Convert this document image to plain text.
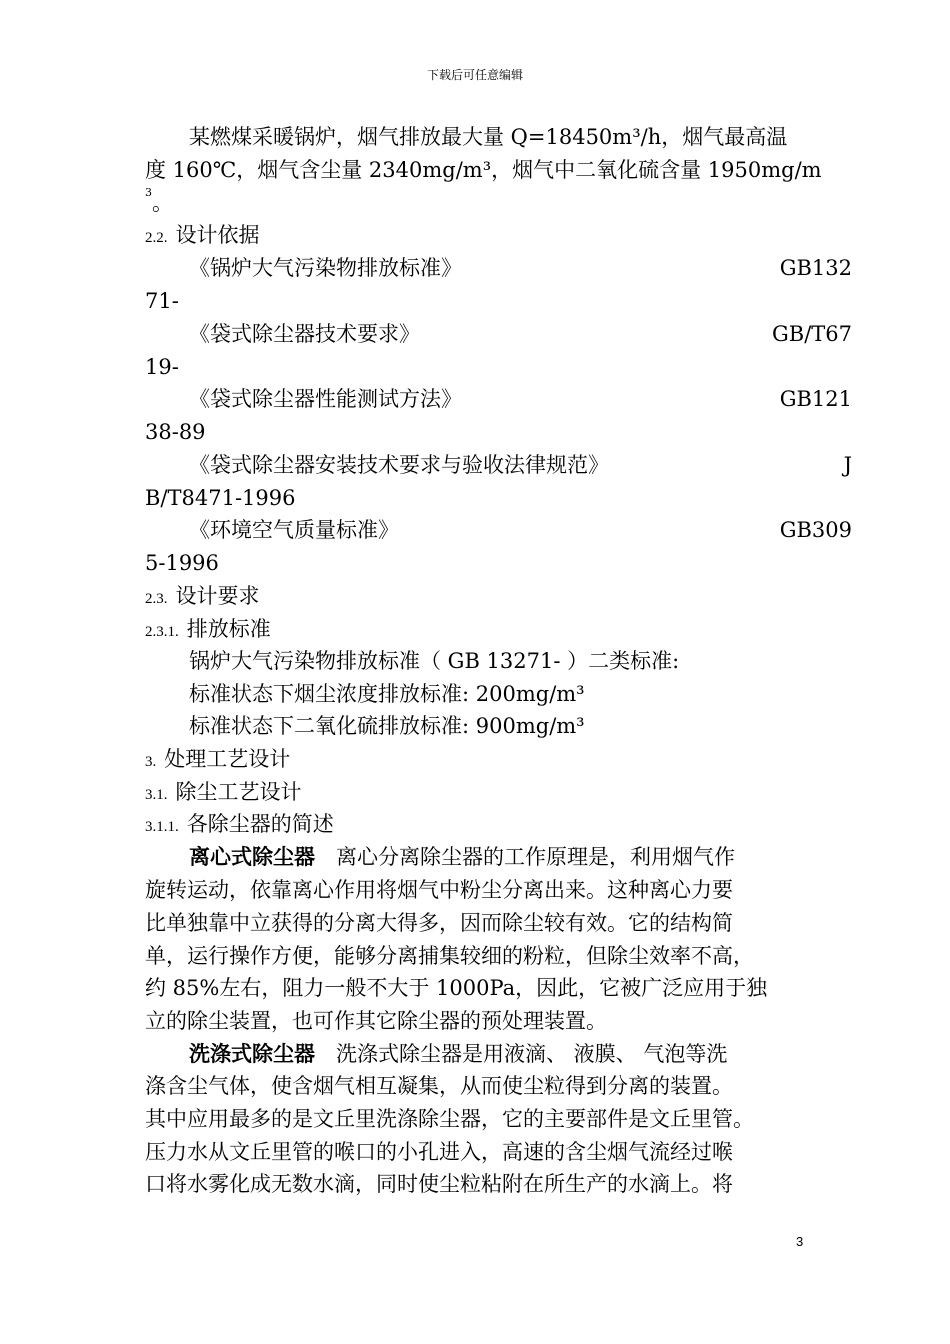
下载后可任意编辑
某燃煤采暖锅炉，烟气排放最大量 Q=18450m³/h，烟气最高温
度 160℃，烟气含尘量 2340mg/m³，烟气中二氧化硫含量 1950mg/m
$^3$。
2.2. 设计依据
《锅炉大气污染物排放标准》	GB132
71-
《袋式除尘器技术要求》	GB/T67
19-
《袋式除尘器性能测试方法》	GB121
38-89
《袋式除尘器安装技术要求与验收法律规范》	J
B/T8471-1996
《环境空气质量标准》	GB309
5-1996
2.3. 设计要求
2.3.1. 排放标准
锅炉大气污染物排放标准（ GB 13271- ）二类标准:
标准状态下烟尘浓度排放标准: 200mg/m³
标准状态下二氧化硫排放标准: 900mg/m³
3. 处理工艺设计
3.1. 除尘工艺设计
3.1.1. 各除尘器的简述
离心式除尘器　 离心分离除尘器的工作原理是，利用烟气作
旋转运动，依靠离心作用将烟气中粉尘分离出来。这种离心力要
比单独靠中立获得的分离大得多，因而除尘较有效。它的结构简
单，运行操作方便，能够分离捕集较细的粉粒，但除尘效率不高，
约 85%左右，阻力一般不大于 1000Pa，因此，它被广泛应用于独
立的除尘装置，也可作其它除尘器的预处理装置。
洗涤式除尘器　 洗涤式除尘器是用液滴、 液膜、 气泡等洗
涤含尘气体，使含烟气相互凝集，从而使尘粒得到分离的装置。
其中应用最多的是文丘里洗涤除尘器，它的主要部件是文丘里管。
压力水从文丘里管的喉口的小孔进入，高速的含尘烟气流经过喉
口将水雾化成无数水滴，同时使尘粒粘附在所生产的水滴上。将
3
